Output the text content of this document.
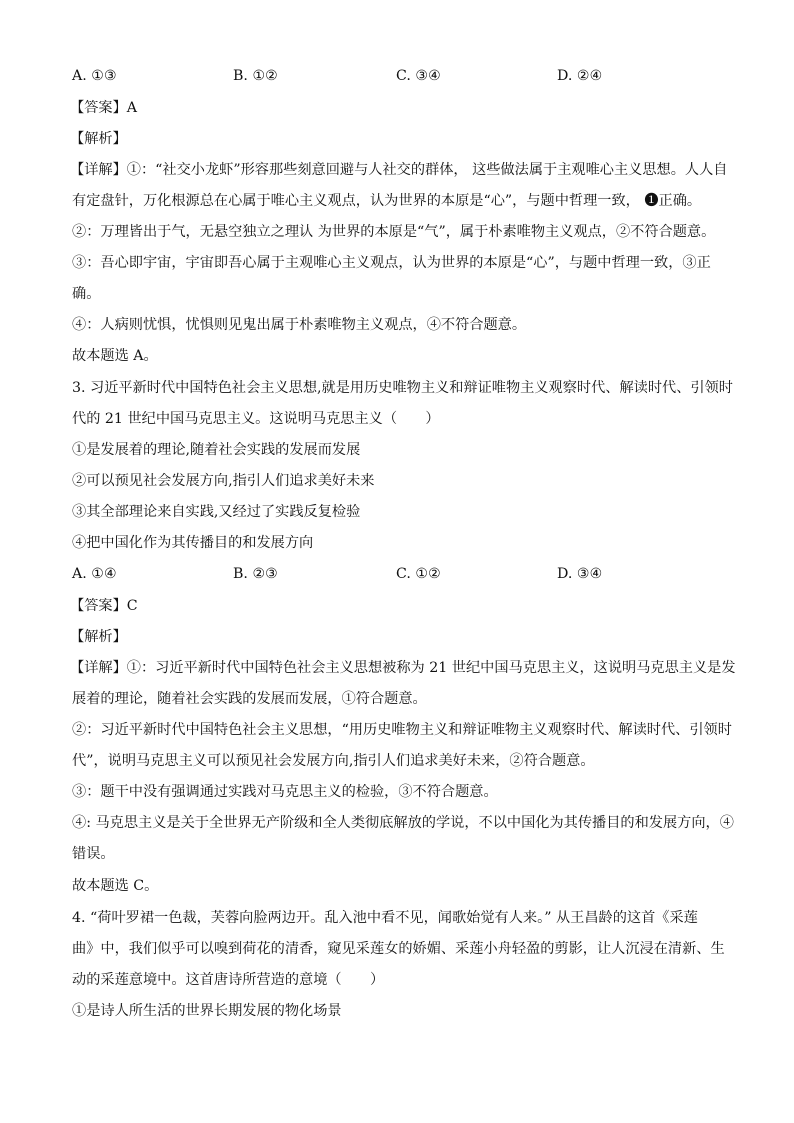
A. ①③	B. ①②	C. ③④	D. ②④
【答案】A
【解析】
【详解】①：“社交小龙虾”形容那些刻意回避与人社交的群体， 这些做法属于主观唯心主义思想。人人自
有定盘针，万化根源总在心属于唯心主义观点，认为世界的本原是“心”，与题中哲理一致， ❶正确。
②：万理皆出于气，无悬空独立之理认 为世界的本原是“气”，属于朴素唯物主义观点，②不符合题意。
③：吾心即宇宙，宇宙即吾心属于主观唯心主义观点，认为世界的本原是“心”，与题中哲理一致，③正
确。
④：人病则忧惧，忧惧则见鬼出属于朴素唯物主义观点，④不符合题意。
故本题选 A。
3. 习近平新时代中国特色社会主义思想,就是用历史唯物主义和辩证唯物主义观察时代、解读时代、引领时
代的 21 世纪中国马克思主义。这说明马克思主义（　　）
①是发展着的理论,随着社会实践的发展而发展
②可以预见社会发展方向,指引人们追求美好未来
③其全部理论来自实践,又经过了实践反复检验
④把中国化作为其传播目的和发展方向
A. ①④	B. ②③	C. ①②	D. ③④
【答案】C
【解析】
【详解】①：习近平新时代中国特色社会主义思想被称为 21 世纪中国马克思主义，这说明马克思主义是发
展着的理论，随着社会实践的发展而发展，①符合题意。
②：习近平新时代中国特色社会主义思想，“用历史唯物主义和辩证唯物主义观察时代、解读时代、引领时
代”，说明马克思主义可以预见社会发展方向,指引人们追求美好未来，②符合题意。
③：题干中没有强调通过实践对马克思主义的检验，③不符合题意。
④: 马克思主义是关于全世界无产阶级和全人类彻底解放的学说，不以中国化为其传播目的和发展方向，④
错误。
故本题选 C。
4. “荷叶罗裙一色裁，芙蓉向脸两边开。乱入池中看不见，闻歌始觉有人来。” 从王昌龄的这首《采莲
曲》中，我们似乎可以嗅到荷花的清香，窥见采莲女的娇媚、采莲小舟轻盈的剪影，让人沉浸在清新、生
动的采莲意境中。这首唐诗所营造的意境（　　）
①是诗人所生活的世界长期发展的物化场景
